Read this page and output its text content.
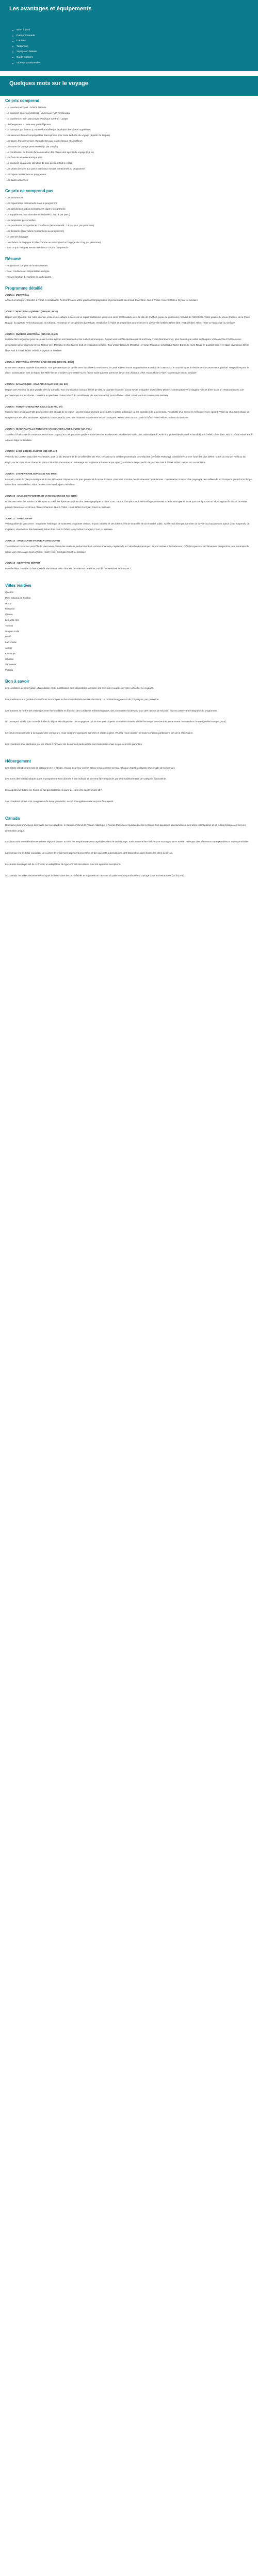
Les avantages et équipements
■ Wi-Fi à bord
■ Pont-promenade
■ Cabines
■ Téléphone
■ Voyage en bateau
■ Guide complet
■ Vidéo promotionnelle
Quelques mots sur le voyage
Ce prix comprend

- Le transfert aéroport - hôtel à l'arrivée

- Le transport en avion Montréal - Vancouver (VIA Air Canada)

- Le transfert en train Vancouver (Pacifique Central) / Jasper

- L'hébergement 4 nuits avec petit-déjeuner

- Le transport par bateau (Crucière hauturière) et la plupart des visites organisées

- Les services d'un accompagnateur francophone pour toute la durée du voyage (à partir de 20 pax)

- Les taxes, frais de service et pourboires aux guides locaux et chauffeurs

- Un carnet de voyage personnalisé (1 par couple)

- La contribution au Fonds d'indemnisation des clients des agents de voyage (0,1 %)

- Les frais de visa électronique AVE

- Le transport en autocar climatisé de luxe pendant tout le circuit

- Les droits d'entrée aux parcs nationaux et sites mentionnés au programme

- Les repas mentionnés au programme

- Les taxes aériennes

Ce prix ne comprend pas

- Les assurances

- Les repas libres mentionnés dans le programme

- Les activités en option mentionnées dans le programme

- Le supplément pour chambre individuelle (1 850 $ par pers.)

- Les dépenses personnelles

- Les pourboires aux guides et chauffeurs (recommandé : 7 $ par jour, par personne)

- Les boissons (sauf celles mentionnées au programme)

- Le port des bagages

- L'excédent de bagages à l'aller comme au retour (sauf un bagage de 23 kg par personne)

- Tout ce qui n'est pas mentionné dans « ce prix comprend »

Résumé

- Programme complet sur le site Internet

- Date, conditions et disponibilités en ligne

- Prix en fonction du nombre de participants

Programme détaillé

JOUR 1 : MONTRÉAL

Accueil à l'aéroport, transfert à l'hôtel et installation. Rencontre avec votre guide accompagnateur et présentation du circuit. Dîner libre. Nuit à l'hôtel. Hôtel: Hôtel Le Crystal ou similaire

JOUR 2 : MONTRÉAL-QUÉBEC (255 KM, 3H30)

Départ vers Québec. Sur notre chemin, visite d'une cabane à sucre où un repas traditionnel vous sera servi. Continuation vers la ville de Québec, joyau du patrimoine mondial de l'UNESCO. Visite guidée du Vieux-Québec, de la Place Royale, du quartier Petit Champlain, du Château Frontenac et des plaines d'Abraham. Installation à l'hôtel et temps libre pour explorer la vieille ville fortifiée. Dîner libre. Nuit à l'hôtel. Hôtel: Hôtel Le Concorde ou similaire

JOUR 3 : QUÉBEC-MONTRÉAL (255 KM, 3H30)

Matinée libre à Québec pour découvrir à votre rythme les boutiques et les ruelles pittoresques. Départ vers la Côte-de-Beaupré et arrêt aux chutes Montmorency, plus hautes que celles du Niagara. Visite de l'île d'Orléans avec dégustation de produits du terroir. Retour vers Montréal en fin d'après-midi et installation à l'hôtel. Tour d'orientation de Montréal : le Vieux-Montréal, la basilique Notre-Dame, le mont Royal, le quartier latin et le stade olympique. Dîner libre. Nuit à l'hôtel. Hôtel: Hôtel Le Crystal ou similaire

JOUR 4 : MONTRÉAL-OTTAWA-GANANOQUE (305 KM, 4H15)

Route vers Ottawa, capitale du Canada. Tour panoramique de la ville avec la colline du Parlement, le canal Rideau inscrit au patrimoine mondial de l'UNESCO, le marché By et la résidence du Gouverneur général. Temps libre pour le dîner. Continuation vers la région des Mille-Îles et croisière commentée sur le fleuve Saint-Laurent parmi les îles et les châteaux d'été. Nuit à l'hôtel. Hôtel: Gananoque Inn ou similaire

JOUR 5 : GANANOQUE - NIAGARA FALLS (350 KM, 5H)

Départ vers Toronto, la plus grande ville du Canada. Tour d'orientation incluant l'hôtel de ville, le quartier financier, la tour CN et le quartier du Distillery District. Continuation vers Niagara Falls et dîner dans un restaurant avec vue panoramique sur les chutes. Croisière au pied des chutes à bord du Hornblower (de mai à octobre). Nuit à l'hôtel. Hôtel: Hôtel Marriott Gateway ou similaire

JOUR 6 : TORONTO-NIAGARA FALLS (130 KM, 2H)

Matinée libre à Niagara Falls pour profiter des attraits de la région : la promenade du bord des chutes, le jardin botanique ou les vignobles de la péninsule. Possibilité d'un survol en hélicoptère (en option). Visite du charmant village de Niagara-on-the-Lake, ancienne capitale du Haut-Canada, avec ses maisons victoriennes et ses boutiques. Retour vers Toronto. Nuit à l'hôtel. Hôtel: Hôtel Chelsea ou similaire

JOUR 7 : NIAGARA FALLS-TORONTO-VANCOUVER-LAKE LOUISE (VIA VOL)

Transfert à l'aéroport de Toronto et envol vers Calgary. Accueil par votre guide et route vers les Rocheuses canadiennes via le parc national Banff. Arrêt à la petite ville de Banff et installation à l'hôtel. Dîner libre. Nuit à l'hôtel. Hôtel: Banff Aspen Lodge ou similaire

JOUR 8 : LAKE LOUISE-JASPER (235 KM, 4H)

Visite du lac Louise, joyau des Rocheuses, puis du lac Moraine et de la vallée des Dix Pics. Départ sur la célèbre promenade des Glaciers (Icefields Parkway), considérée comme l'une des plus belles routes du monde. Arrêt au lac Peyto, au lac Bow et au champ de glace Columbia. Excursion en autoneige sur le glacier Athabasca (en option). Arrivée à Jasper en fin de journée. Nuit à l'hôtel. Hôtel: Jasper Inn ou similaire

JOUR 9 : JASPER-KAMLOOPS (443 KM, 5H45)

Le matin, visite du canyon Maligne et du lac Médecine. Départ vers le parc provincial du mont Robson, plus haut sommet des Rocheuses canadiennes. Continuation à travers les paysages des vallées de la Thompson jusqu'à Kamloops. Dîner libre. Nuit à l'hôtel. Hôtel: Accent Inns Kamloops ou similaire

JOUR 10 : KAMLOOPS-WHISTLER-VANCOUVER (405 KM, 5H30)

Route vers Whistler, station de ski ayant accueilli les épreuves alpines des Jeux olympiques d'hiver 2010. Temps libre pour explorer le village piétonnier. Continuation par la route panoramique Sea to Sky longeant le détroit de Howe jusqu'à Vancouver. Arrêt aux chutes Shannon. Nuit à l'hôtel. Hôtel: Hôtel Georgian Court ou similaire

JOUR 11 : VANCOUVER

Visite guidée de Vancouver : le quartier historique de Gastown, le quartier chinois, le parc Stanley et ses totems, l'île de Granville et son marché public. Après-midi libre pour profiter de la ville ou d'activités en option (pont suspendu de Capilano, observation des baleines). Dîner libre. Nuit à l'hôtel. Hôtel: Hôtel Georgian Court ou similaire

JOUR 12 : VANCOUVER-VICTORIA-VANCOUVER

Traversée en traversier vers l'île de Vancouver. Visite des célèbres jardins Butchart. Arrivée à Victoria, capitale de la Colombie-Britannique : le port intérieur, le Parlement, l'hôtel Empress et le Chinatown. Temps libre puis traversier de retour vers Vancouver. Nuit à l'hôtel. Hôtel: Hôtel Georgian Court ou similaire

JOUR 13 : NEW YORK DÉPART

Matinée libre. Transfert à l'aéroport de Vancouver selon l'horaire de votre vol de retour. Fin de nos services. Bon retour !

Villes visitées

Québec

Parc national de Forillon

Percé

Montréal

Ottawa

Les Mille-Îles

Toronto

Niagara Falls

Banff

Lac Louise

Jasper

Kamloops

Whistler

Vancouver

Victoria

Bon à savoir

Les conditions de réservation, d'annulation et de modification sont disponibles sur notre site Internet et auprès de votre conseiller en voyages.

Les pourboires aux guides et chauffeurs ne sont pas inclus et sont laissés à votre discrétion. Le montant suggéré est de 7 $ par jour, par personne.

Les horaires et l'ordre des visites peuvent être modifiés en fonction des conditions météorologiques, des contraintes locales ou pour des raisons de sécurité, tout en préservant l'intégralité du programme.

Un passeport valide pour toute la durée du séjour est obligatoire. Les voyageurs qui ne sont pas citoyens canadiens doivent vérifier les exigences d'entrée, notamment l'autorisation de voyage électronique (AVE).

Le circuit est accessible à la majorité des voyageurs, mais comporte quelques marches et visites à pied. Veuillez nous informer de toute condition particulière lors de la réservation.

Les chambres sont attribuées par les hôtels à l'arrivée; les demandes particulières sont transmises mais ne peuvent être garanties.

Hébergement

Les hôtels sélectionnés sont de catégorie 3 et 4 étoiles, choisis pour leur confort et leur emplacement central. Chaque chambre dispose d'une salle de bain privée.

Les noms des hôtels indiqués dans le programme sont donnés à titre indicatif et peuvent être remplacés par des établissements de catégorie équivalente.

L'enregistrement dans les hôtels se fait généralement à partir de 15 h et le départ avant 11 h.

Les chambres triples sont composées de deux grands lits; aucun lit supplémentaire ne peut être ajouté.

Canada

Deuxième plus grand pays du monde par sa superficie, le Canada s'étend de l'océan Atlantique à l'océan Pacifique et jusqu'à l'océan Arctique. Ses paysages spectaculaires, ses villes cosmopolites et sa culture bilingue en font une destination unique.

Le climat varie considérablement d'une région à l'autre. En été, les températures sont agréables dans le sud du pays, mais peuvent être fraîches en montagne et en soirée. Prévoyez des vêtements superposables et un imperméable.

La monnaie est le dollar canadien. Les cartes de crédit sont largement acceptées et des guichets automatiques sont disponibles dans toutes les villes du circuit.

Le courant électrique est de 110 volts; un adaptateur de type A/B est nécessaire pour les appareils européens.

Au Canada, les taxes de vente ne sont pas incluses dans les prix affichés et s'ajoutent au moment du paiement. Le pourboire est d'usage dans les restaurants (15 à 20 %).
